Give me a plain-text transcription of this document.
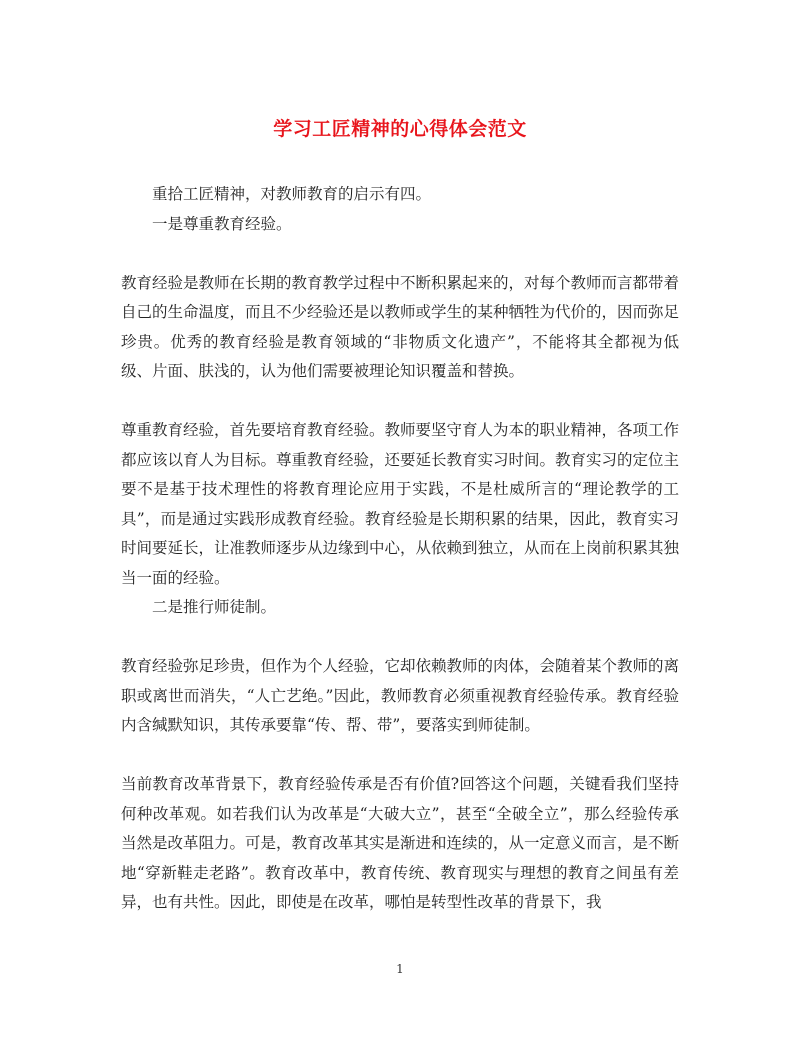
学习工匠精神的心得体会范文

重拾工匠精神，对教师教育的启示有四。

一是尊重教育经验。

教育经验是教师在长期的教育教学过程中不断积累起来的，对每个教师而言都带着自己的生命温度，而且不少经验还是以教师或学生的某种牺牲为代价的，因而弥足珍贵。优秀的教育经验是教育领域的“非物质文化遗产”，不能将其全都视为低级、片面、肤浅的，认为他们需要被理论知识覆盖和替换。

尊重教育经验，首先要培育教育经验。教师要坚守育人为本的职业精神，各项工作都应该以育人为目标。尊重教育经验，还要延长教育实习时间。教育实习的定位主要不是基于技术理性的将教育理论应用于实践，不是杜威所言的“理论教学的工具”，而是通过实践形成教育经验。教育经验是长期积累的结果，因此，教育实习时间要延长，让准教师逐步从边缘到中心，从依赖到独立，从而在上岗前积累其独当一面的经验。

二是推行师徒制。

教育经验弥足珍贵，但作为个人经验，它却依赖教师的肉体，会随着某个教师的离职或离世而消失，“人亡艺绝。”因此，教师教育必须重视教育经验传承。教育经验内含缄默知识，其传承要靠“传、帮、带”，要落实到师徒制。

当前教育改革背景下，教育经验传承是否有价值?回答这个问题，关键看我们坚持何种改革观。如若我们认为改革是“大破大立”，甚至“全破全立”，那么经验传承当然是改革阻力。可是，教育改革其实是渐进和连续的，从一定意义而言，是不断地“穿新鞋走老路”。教育改革中，教育传统、教育现实与理想的教育之间虽有差异，也有共性。因此，即使是在改革，哪怕是转型性改革的背景下，我

1
